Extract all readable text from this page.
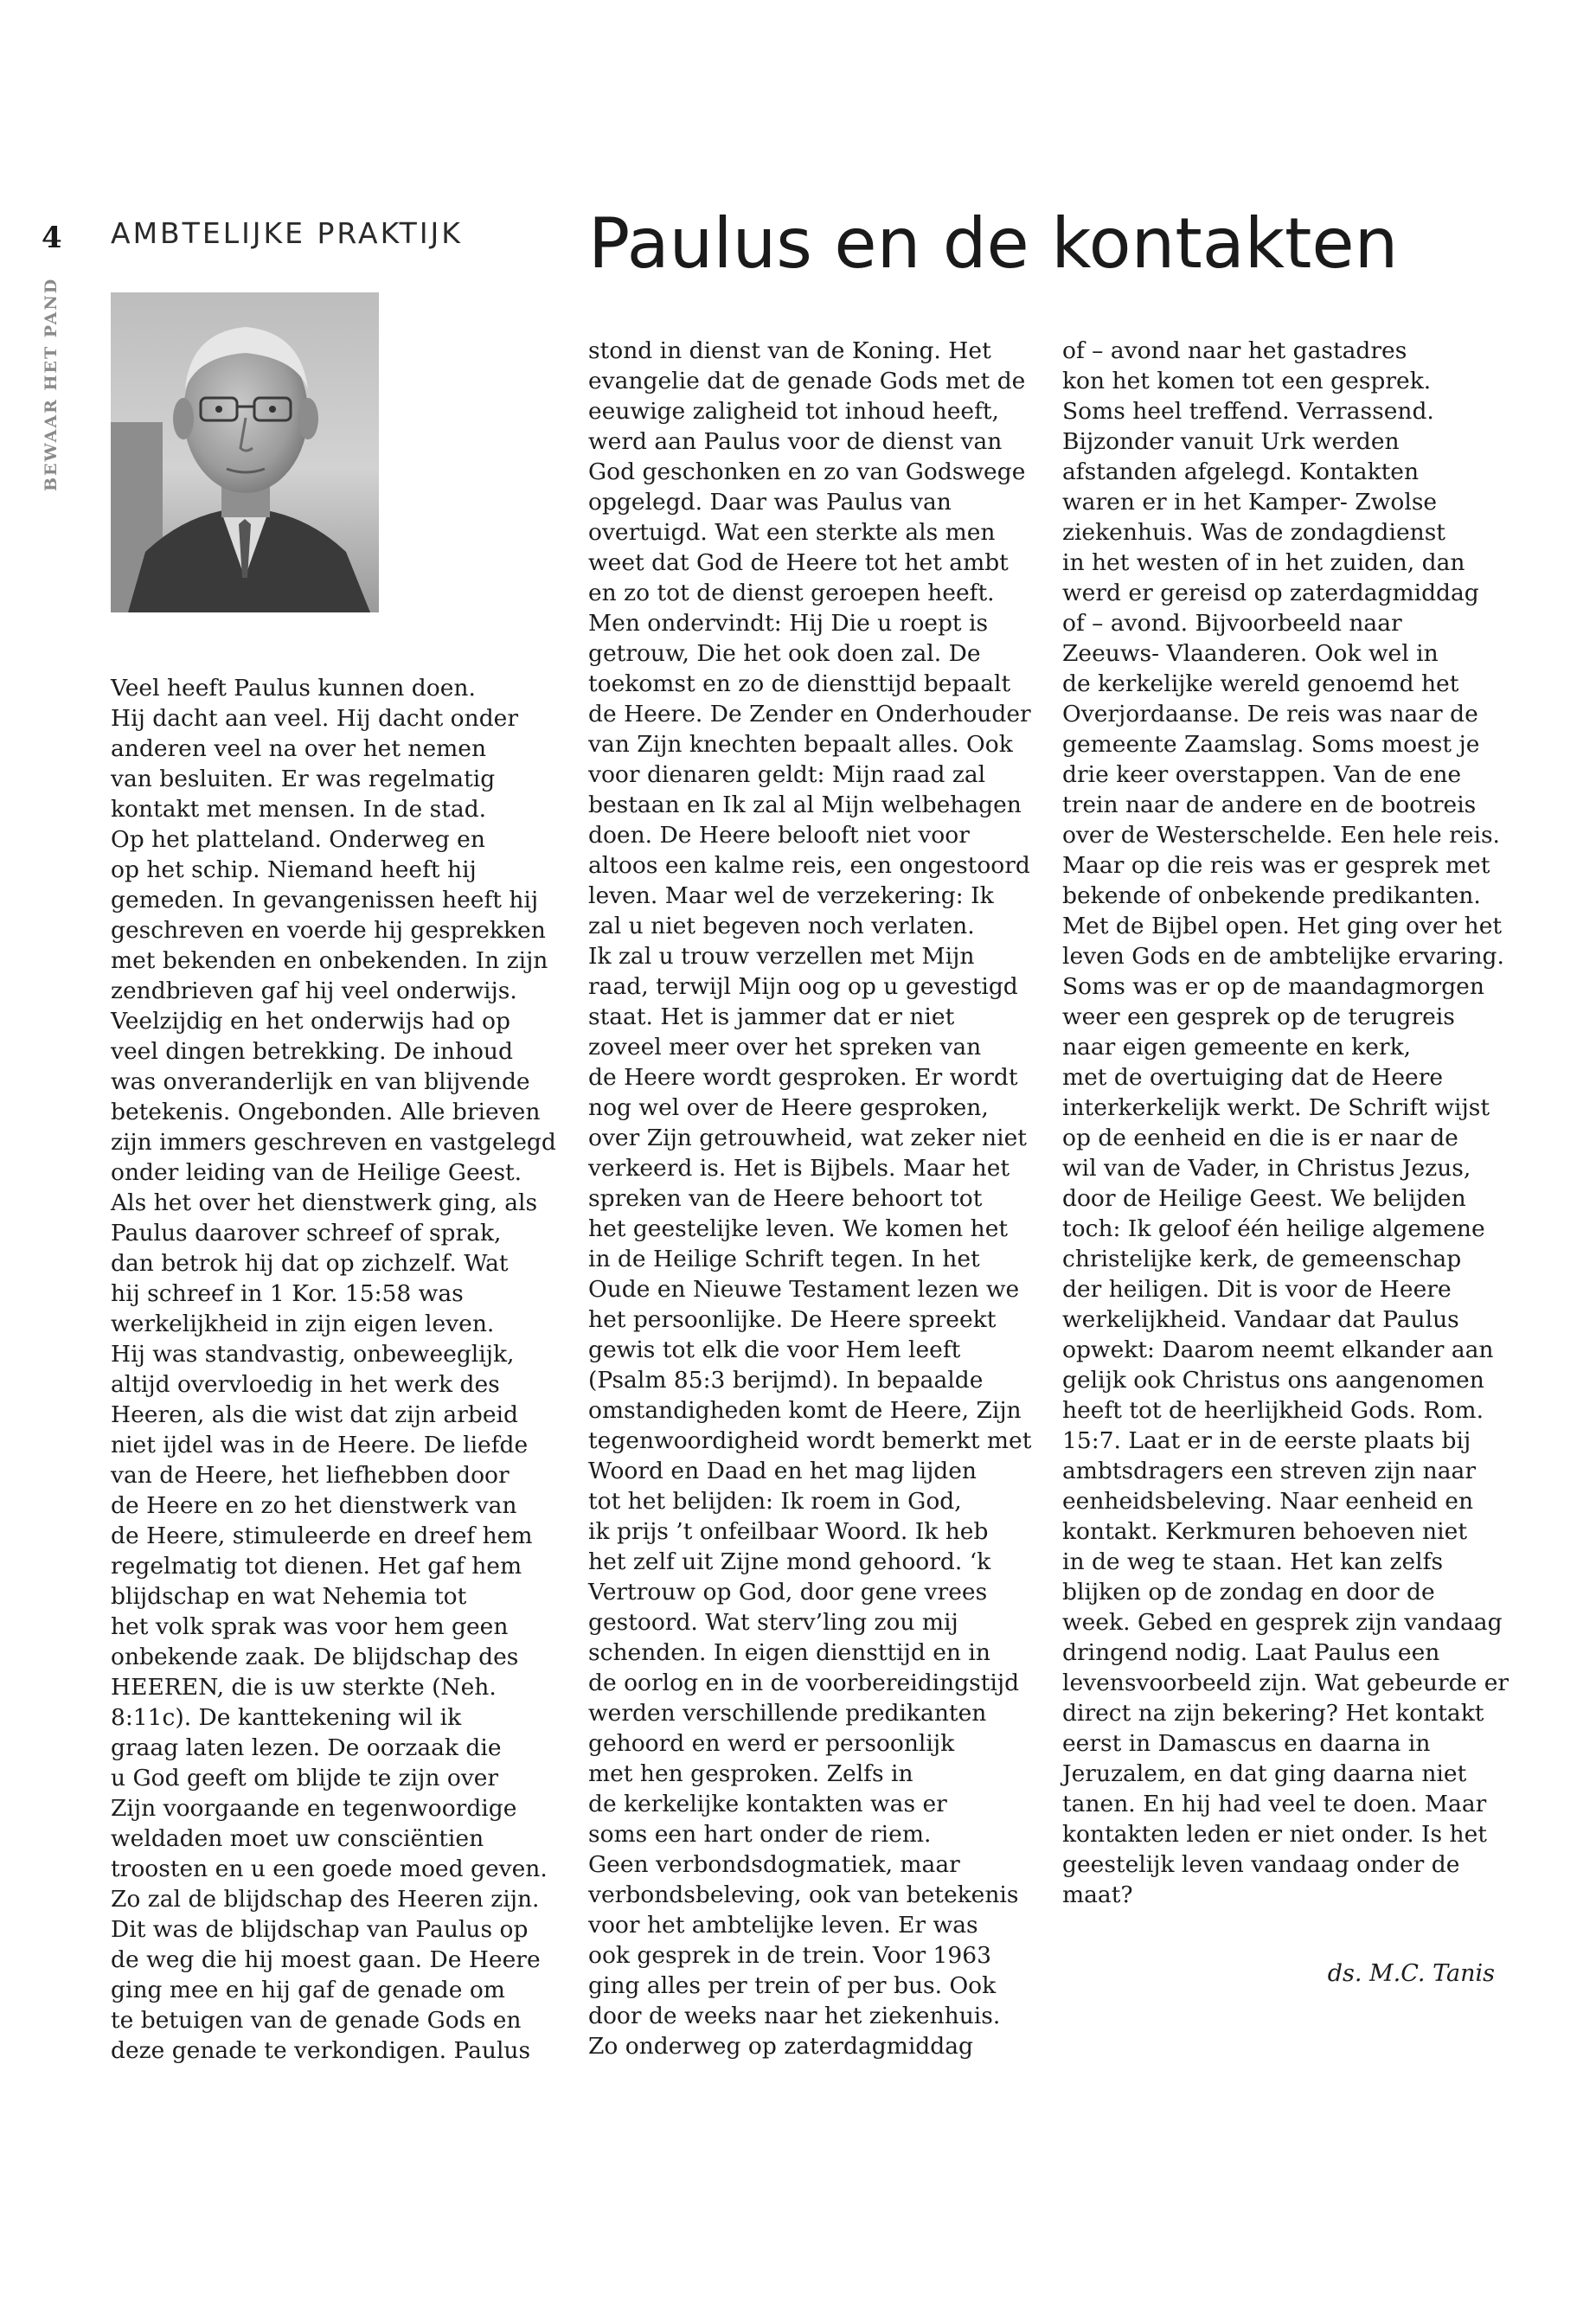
4
BEWAAR HET PAND
AMBTELIJKE PRAKTIJK Paulus en de kontakten
Veel heeft Paulus kunnen doen.
Hij dacht aan veel. Hij dacht onder
anderen veel na over het nemen
van besluiten. Er was regelmatig
kontakt met mensen. In de stad.
Op het platteland. Onderweg en
op het schip. Niemand heeft hij
gemeden. In gevangenissen heeft hij
geschreven en voerde hij gesprekken
met bekenden en onbekenden. In zijn
zendbrieven gaf hij veel onderwijs.
Veelzijdig en het onderwijs had op
veel dingen betrekking. De inhoud
was onveranderlijk en van blijvende
betekenis. Ongebonden. Alle brieven
zijn immers geschreven en vastgelegd
onder leiding van de Heilige Geest.
Als het over het dienstwerk ging, als
Paulus daarover schreef of sprak,
dan betrok hij dat op zichzelf. Wat
hij schreef in 1 Kor. 15:58 was
werkelijkheid in zijn eigen leven.
Hij was standvastig, onbeweeglijk,
altijd overvloedig in het werk des
Heeren, als die wist dat zijn arbeid
niet ijdel was in de Heere. De liefde
van de Heere, het liefhebben door
de Heere en zo het dienstwerk van
de Heere, stimuleerde en dreef hem
regelmatig tot dienen. Het gaf hem
blijdschap en wat Nehemia tot
het volk sprak was voor hem geen
onbekende zaak. De blijdschap des
HEEREN, die is uw sterkte (Neh.
8:11c). De kanttekening wil ik
graag laten lezen. De oorzaak die
u God geeft om blijde te zijn over
Zijn voorgaande en tegenwoordige
weldaden moet uw consciëntien
troosten en u een goede moed geven.
Zo zal de blijdschap des Heeren zijn.
Dit was de blijdschap van Paulus op
de weg die hij moest gaan. De Heere
ging mee en hij gaf de genade om
te betuigen van de genade Gods en
deze genade te verkondigen. Paulus
stond in dienst van de Koning. Het
evangelie dat de genade Gods met de
eeuwige zaligheid tot inhoud heeft,
werd aan Paulus voor de dienst van
God geschonken en zo van Godswege
opgelegd. Daar was Paulus van
overtuigd. Wat een sterkte als men
weet dat God de Heere tot het ambt
en zo tot de dienst geroepen heeft.
Men ondervindt: Hij Die u roept is
getrouw, Die het ook doen zal. De
toekomst en zo de diensttijd bepaalt
de Heere. De Zender en Onderhouder
van Zijn knechten bepaalt alles. Ook
voor dienaren geldt: Mijn raad zal
bestaan en Ik zal al Mijn welbehagen
doen. De Heere belooft niet voor
altoos een kalme reis, een ongestoord
leven. Maar wel de verzekering: Ik
zal u niet begeven noch verlaten.
Ik zal u trouw verzellen met Mijn
raad, terwijl Mijn oog op u gevestigd
staat. Het is jammer dat er niet
zoveel meer over het spreken van
de Heere wordt gesproken. Er wordt
nog wel over de Heere gesproken,
over Zijn getrouwheid, wat zeker niet
verkeerd is. Het is Bijbels. Maar het
spreken van de Heere behoort tot
het geestelijke leven. We komen het
in de Heilige Schrift tegen. In het
Oude en Nieuwe Testament lezen we
het persoonlijke. De Heere spreekt
gewis tot elk die voor Hem leeft
(Psalm 85:3 berijmd). In bepaalde
omstandigheden komt de Heere, Zijn
tegenwoordigheid wordt bemerkt met
Woord en Daad en het mag lijden
tot het belijden: Ik roem in God,
ik prijs ’t onfeilbaar Woord. Ik heb
het zelf uit Zijne mond gehoord. ‘k
Vertrouw op God, door gene vrees
gestoord. Wat sterv’ling zou mij
schenden. In eigen diensttijd en in
de oorlog en in de voorbereidingstijd
werden verschillende predikanten
gehoord en werd er persoonlijk
met hen gesproken. Zelfs in
de kerkelijke kontakten was er
soms een hart onder de riem.
Geen verbondsdogmatiek, maar
verbondsbeleving, ook van betekenis
voor het ambtelijke leven. Er was
ook gesprek in de trein. Voor 1963
ging alles per trein of per bus. Ook
door de weeks naar het ziekenhuis.
Zo onderweg op zaterdagmiddag
of – avond naar het gastadres
kon het komen tot een gesprek.
Soms heel treffend. Verrassend.
Bijzonder vanuit Urk werden
afstanden afgelegd. Kontakten
waren er in het Kamper- Zwolse
ziekenhuis. Was de zondagdienst
in het westen of in het zuiden, dan
werd er gereisd op zaterdagmiddag
of – avond. Bijvoorbeeld naar
Zeeuws- Vlaanderen. Ook wel in
de kerkelijke wereld genoemd het
Overjordaanse. De reis was naar de
gemeente Zaamslag. Soms moest je
drie keer overstappen. Van de ene
trein naar de andere en de bootreis
over de Westerschelde. Een hele reis.
Maar op die reis was er gesprek met
bekende of onbekende predikanten.
Met de Bijbel open. Het ging over het
leven Gods en de ambtelijke ervaring.
Soms was er op de maandagmorgen
weer een gesprek op de terugreis
naar eigen gemeente en kerk,
met de overtuiging dat de Heere
interkerkelijk werkt. De Schrift wijst
op de eenheid en die is er naar de
wil van de Vader, in Christus Jezus,
door de Heilige Geest. We belijden
toch: Ik geloof één heilige algemene
christelijke kerk, de gemeenschap
der heiligen. Dit is voor de Heere
werkelijkheid. Vandaar dat Paulus
opwekt: Daarom neemt elkander aan
gelijk ook Christus ons aangenomen
heeft tot de heerlijkheid Gods. Rom.
15:7. Laat er in de eerste plaats bij
ambtsdragers een streven zijn naar
eenheidsbeleving. Naar eenheid en
kontakt. Kerkmuren behoeven niet
in de weg te staan. Het kan zelfs
blijken op de zondag en door de
week. Gebed en gesprek zijn vandaag
dringend nodig. Laat Paulus een
levensvoorbeeld zijn. Wat gebeurde er
direct na zijn bekering? Het kontakt
eerst in Damascus en daarna in
Jeruzalem, en dat ging daarna niet
tanen. En hij had veel te doen. Maar
kontakten leden er niet onder. Is het
geestelijk leven vandaag onder de
maat?
ds. M.C. Tanis
